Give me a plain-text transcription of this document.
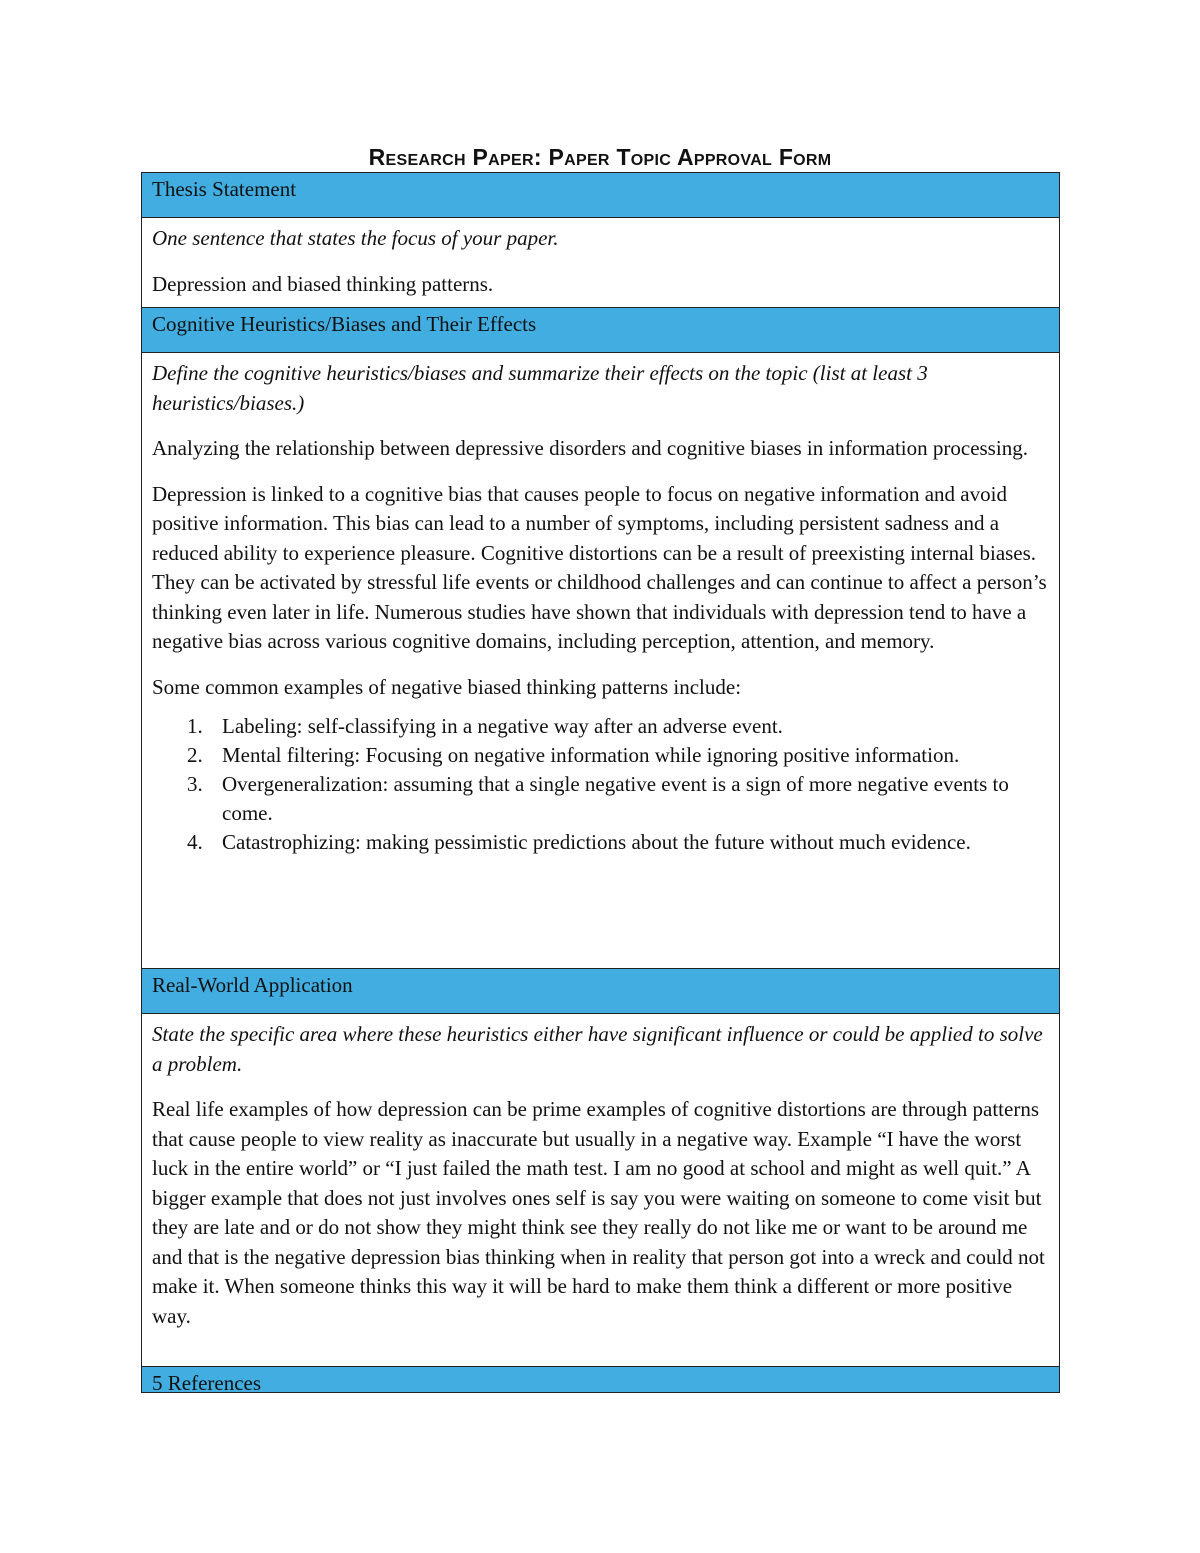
Research Paper: Paper Topic Approval Form
Thesis Statement

One sentence that states the focus of your paper.

Depression and biased thinking patterns.

Cognitive Heuristics/Biases and Their Effects

Define the cognitive heuristics/biases and summarize their effects on the topic (list at least 3 heuristics/biases.)

Analyzing the relationship between depressive disorders and cognitive biases in information processing.

Depression is linked to a cognitive bias that causes people to focus on negative information and avoid positive information. This bias can lead to a number of symptoms, including persistent sadness and a reduced ability to experience pleasure. Cognitive distortions can be a result of preexisting internal biases. They can be activated by stressful life events or childhood challenges and can continue to affect a person’s thinking even later in life. Numerous studies have shown that individuals with depression tend to have a negative bias across various cognitive domains, including perception, attention, and memory.

Some common examples of negative biased thinking patterns include:

1. Labeling: self-classifying in a negative way after an adverse event.
2. Mental filtering: Focusing on negative information while ignoring positive information.
3. Overgeneralization: assuming that a single negative event is a sign of more negative events to come.
4. Catastrophizing: making pessimistic predictions about the future without much evidence.
Real-World Application

State the specific area where these heuristics either have significant influence or could be applied to solve a problem.

Real life examples of how depression can be prime examples of cognitive distortions are through patterns that cause people to view reality as inaccurate but usually in a negative way. Example “I have the worst luck in the entire world” or “I just failed the math test. I am no good at school and might as well quit.” A bigger example that does not just involves ones self is say you were waiting on someone to come visit but they are late and or do not show they might think see they really do not like me or want to be around me and that is the negative depression bias thinking when in reality that person got into a wreck and could not make it. When someone thinks this way it will be hard to make them think a different or more positive way.

5 References
